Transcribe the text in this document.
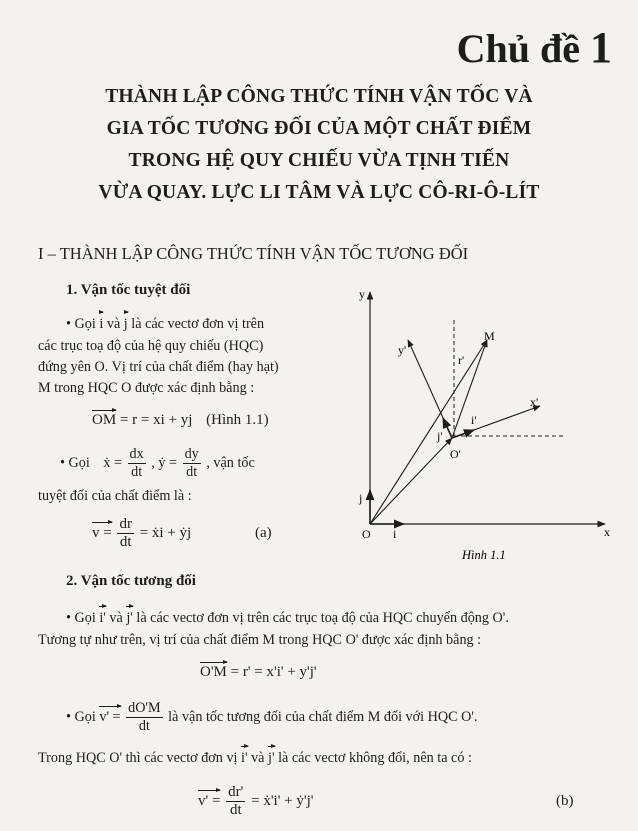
Chủ đề 1
THÀNH LẬP CÔNG THỨC TÍNH VẬN TỐC VÀ
GIA TỐC TƯƠNG ĐỐI CỦA MỘT CHẤT ĐIỂM
TRONG HỆ QUY CHIẾU VỪA TỊNH TIẾN
VỪA QUAY. LỰC LI TÂM VÀ LỰC CÔ-RI-Ô-LÍT
I – THÀNH LẬP CÔNG THỨC TÍNH VẬN TỐC TƯƠNG ĐỐI
1. Vận tốc tuyệt đối
• Gọi i và j là các vectơ đơn vị trên
các trục toạ độ của hệ quy chiếu (HQC)
đứng yên O. Vị trí của chất điểm (hay hạt)
M trong HQC O được xác định bằng :
OM = r = xi + yj (Hình 1.1)
• Gọi ẋ = $\frac{dx}{dt}$ , ẏ = $\frac{dy}{dt}$ , vận tốc
tuyệt đối của chất điểm là :
$v = \frac{dr}{dt}$ = ẋi + ẏj	(a)
y
x
O i
j
y'
x'
O'
i'
j'
M
r'
Hình 1.1
2. Vận tốc tương đối
• Gọi i' và j' là các vectơ đơn vị trên các trục toạ độ của HQC chuyển động O'.
Tương tự như trên, vị trí của chất điểm M trong HQC O' được xác định bằng :
O'M = r' = x'i' + y'j'
• Gọi $v' = \frac{dO'M}{dt}$ là vận tốc tương đối của chất điểm M đối với HQC O'.
Trong HQC O' thì các vectơ đơn vị i' và j' là các vectơ không đổi, nên ta có :
$v' = \frac{dr'}{dt}$ = ẋ'i' + ẏ'j'	(b)
